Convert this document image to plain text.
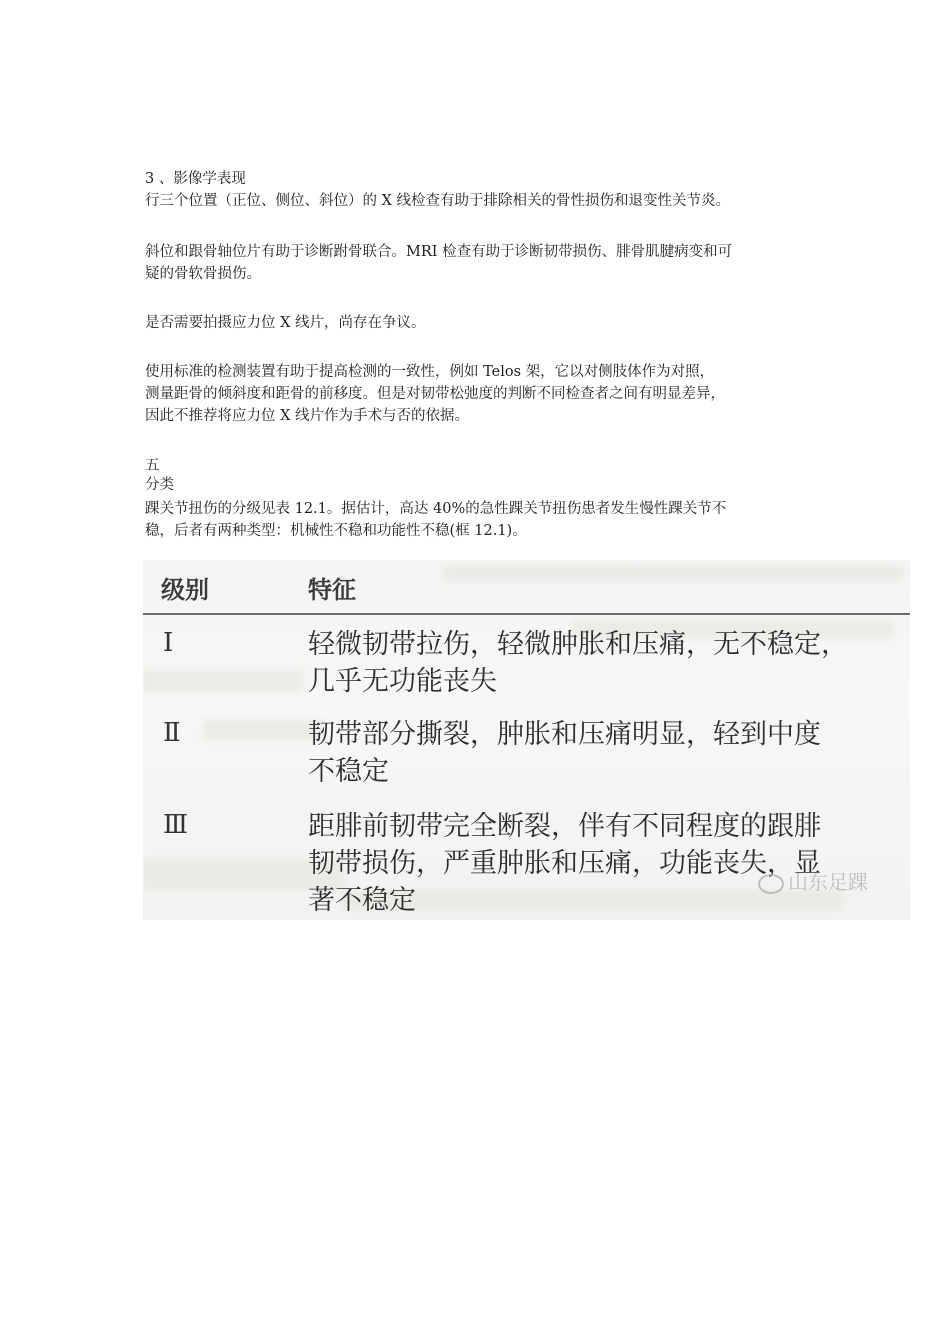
3 、影像学表现
行三个位置（正位、侧位、斜位）的 X 线检查有助于排除相关的骨性损伤和退变性关节炎。
斜位和跟骨轴位片有助于诊断跗骨联合。MRI 检查有助于诊断韧带损伤、腓骨肌腱病变和可
疑的骨软骨损伤。
是否需要拍摄应力位 X 线片，尚存在争议。
使用标准的检测装置有助于提高检测的一致性，例如 Telos 架，它以对侧肢体作为对照，
测量距骨的倾斜度和距骨的前移度。但是对韧带松弛度的判断不同检查者之间有明显差异，
因此不推荐将应力位 X 线片作为手术与否的依据。
五
分类
踝关节扭伤的分级见表 12.1。据估计，高达 40%的急性踝关节扭伤患者发生慢性踝关节不
稳，后者有两种类型：机械性不稳和功能性不稳(框 12.1)。
级别	特征
Ⅰ	轻微韧带拉伤，轻微肿胀和压痛，无不稳定，
几乎无功能丧失
Ⅱ	韧带部分撕裂，肿胀和压痛明显，轻到中度
不稳定
Ⅲ	距腓前韧带完全断裂，伴有不同程度的跟腓
韧带损伤，严重肿胀和压痛，功能丧失，显
著不稳定
山东足踝
